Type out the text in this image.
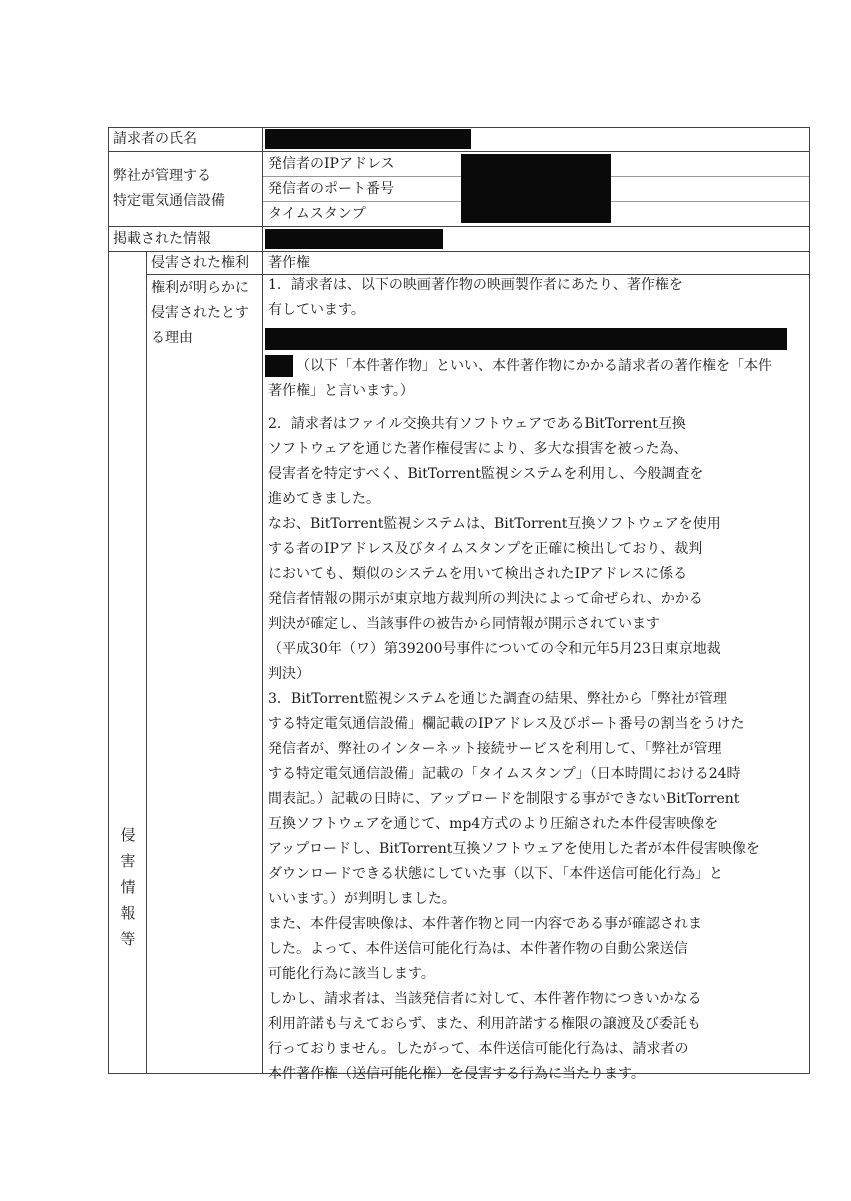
請求者の氏名
弊社が管理する
特定電気通信設備
発信者のIPアドレス
発信者のポート番号
タイムスタンプ
掲載された情報
侵害された権利 著作権
権利が明らかに
侵害されたとす
る理由
侵
害
情
報
等
1．請求者は、以下の映画著作物の映画製作者にあたり、著作権を
有しています。
（以下「本件著作物」といい、本件著作物にかかる請求者の著作権を「本件
著作権」と言います。）
2．請求者はファイル交換共有ソフトウェアであるBitTorrent互換
ソフトウェアを通じた著作権侵害により、多大な損害を被った為、
侵害者を特定すべく、BitTorrent監視システムを利用し、今般調査を
進めてきました。
なお、BitTorrent監視システムは、BitTorrent互換ソフトウェアを使用
する者のIPアドレス及びタイムスタンプを正確に検出しており、裁判
においても、類似のシステムを用いて検出されたIPアドレスに係る
発信者情報の開示が東京地方裁判所の判決によって命ぜられ、かかる
判決が確定し、当該事件の被告から同情報が開示されています
（平成30年（ワ）第39200号事件についての令和元年5月23日東京地裁
判決）
3．BitTorrent監視システムを通じた調査の結果、弊社から「弊社が管理
する特定電気通信設備」欄記載のIPアドレス及びポート番号の割当をうけた
発信者が、弊社のインターネット接続サービスを利用して、「弊社が管理
する特定電気通信設備」記載の「タイムスタンプ」（日本時間における24時
間表記。）記載の日時に、アップロードを制限する事ができないBitTorrent
互換ソフトウェアを通じて、mp4方式のより圧縮された本件侵害映像を
アップロードし、BitTorrent互換ソフトウェアを使用した者が本件侵害映像を
ダウンロードできる状態にしていた事（以下、「本件送信可能化行為」と
いいます。）が判明しました。
また、本件侵害映像は、本件著作物と同一内容である事が確認されま
した。よって、本件送信可能化行為は、本件著作物の自動公衆送信
可能化行為に該当します。
しかし、請求者は、当該発信者に対して、本件著作物につきいかなる
利用許諾も与えておらず、また、利用許諾する権限の譲渡及び委託も
行っておりません。したがって、本件送信可能化行為は、請求者の
本件著作権（送信可能化権）を侵害する行為に当たります。
